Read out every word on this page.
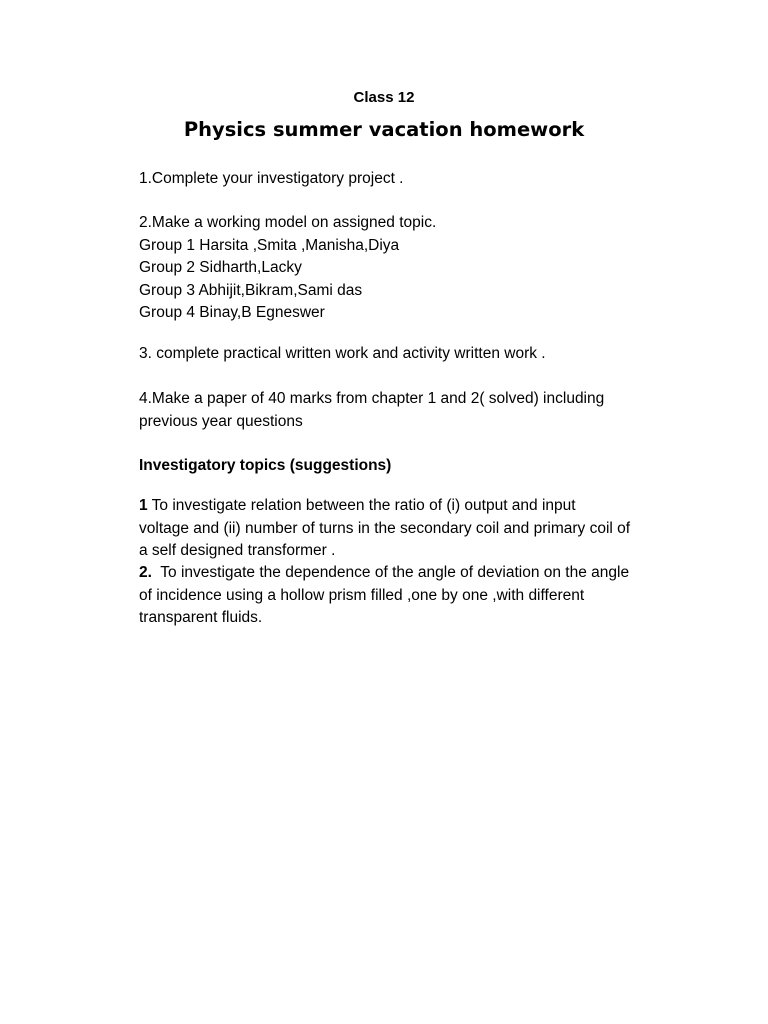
Class 12
Physics summer vacation homework
1.Complete your investigatory project .
2.Make a working model on assigned topic.
Group 1 Harsita ,Smita ,Manisha,Diya
Group 2 Sidharth,Lacky
Group 3 Abhijit,Bikram,Sami das
Group 4 Binay,B Egneswer
3. complete practical written work and activity written work .
4.Make a paper of 40 marks from chapter 1 and 2( solved) including
previous year questions
Investigatory topics (suggestions)
1 To investigate relation between the ratio of (i) output and input
voltage and (ii) number of turns in the secondary coil and primary coil of
a self designed transformer .
2.  To investigate the dependence of the angle of deviation on the angle
of incidence using a hollow prism filled ,one by one ,with different
transparent fluids.
